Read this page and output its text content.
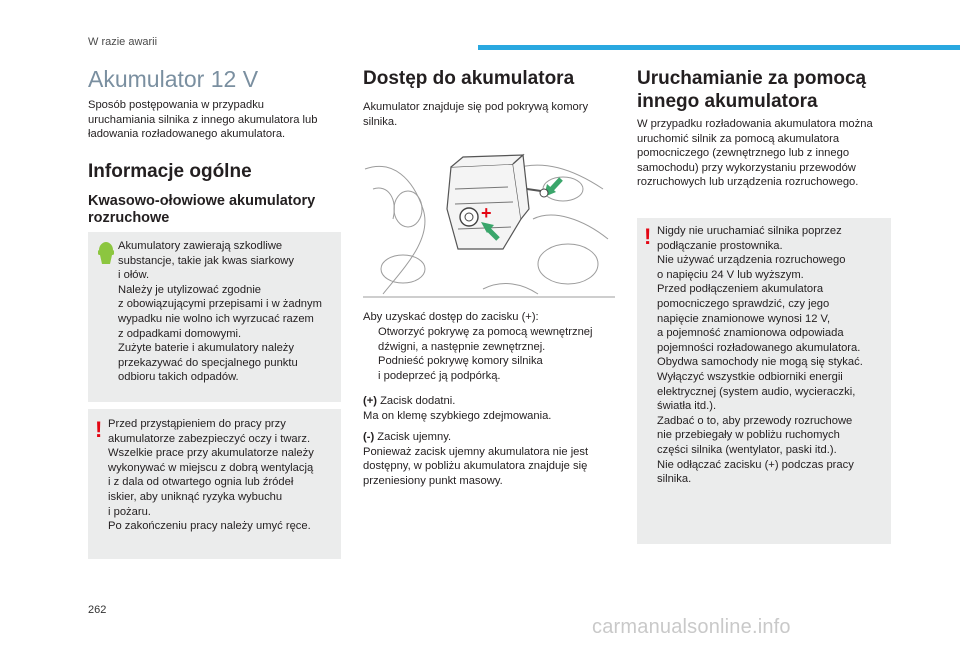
W razie awarii
Akumulator 12 V

Sposób postępowania w przypadku
uruchamiania silnika z innego akumulatora lub
ładowania rozładowanego akumulatora.

Informacje ogólne
Kwasowo-ołowiowe akumulatory
rozruchowe

Akumulatory zawierają szkodliwe
substancje, takie jak kwas siarkowy
i ołów.
Należy je utylizować zgodnie
z obowiązującymi przepisami i w żadnym
wypadku nie wolno ich wyrzucać razem
z odpadkami domowymi.
Zużyte baterie i akumulatory należy
przekazywać do specjalnego punktu
odbioru takich odpadów.

! Przed przystąpieniem do pracy przy
akumulatorze zabezpieczyć oczy i twarz.
Wszelkie prace przy akumulatorze należy
wykonywać w miejscu z dobrą wentylacją
i z dala od otwartego ognia lub źródeł
iskier, aby uniknąć ryzyka wybuchu
i pożaru.
Po zakończeniu pracy należy umyć ręce.

Dostęp do akumulatora

Akumulator znajduje się pod pokrywą komory
silnika.

+

Aby uzyskać dostęp do zacisku (+):

Otworzyć pokrywę za pomocą wewnętrznej
dźwigni, a następnie zewnętrznej.

Podnieść pokrywę komory silnika
i podeprzeć ją podpórką.

(+) Zacisk dodatni.
Ma on klemę szybkiego zdejmowania.

(-) Zacisk ujemny.
Ponieważ zacisk ujemny akumulatora nie jest
dostępny, w pobliżu akumulatora znajduje się
przeniesiony punkt masowy.

Uruchamianie za pomocą
innego akumulatora

W przypadku rozładowania akumulatora można
uruchomić silnik za pomocą akumulatora
pomocniczego (zewnętrznego lub z innego
samochodu) przy wykorzystaniu przewodów
rozruchowych lub urządzenia rozruchowego.

! Nigdy nie uruchamiać silnika poprzez
podłączanie prostownika.
Nie używać urządzenia rozruchowego
o napięciu 24 V lub wyższym.
Przed podłączeniem akumulatora
pomocniczego sprawdzić, czy jego
napięcie znamionowe wynosi 12 V,
a pojemność znamionowa odpowiada
pojemności rozładowanego akumulatora.
Obydwa samochody nie mogą się stykać.
Wyłączyć wszystkie odbiorniki energii
elektrycznej (system audio, wycieraczki,
światła itd.).
Zadbać o to, aby przewody rozruchowe
nie przebiegały w pobliżu ruchomych
części silnika (wentylator, paski itd.).
Nie odłączać zacisku (+) podczas pracy
silnika.

262
carmanualsonline.info
